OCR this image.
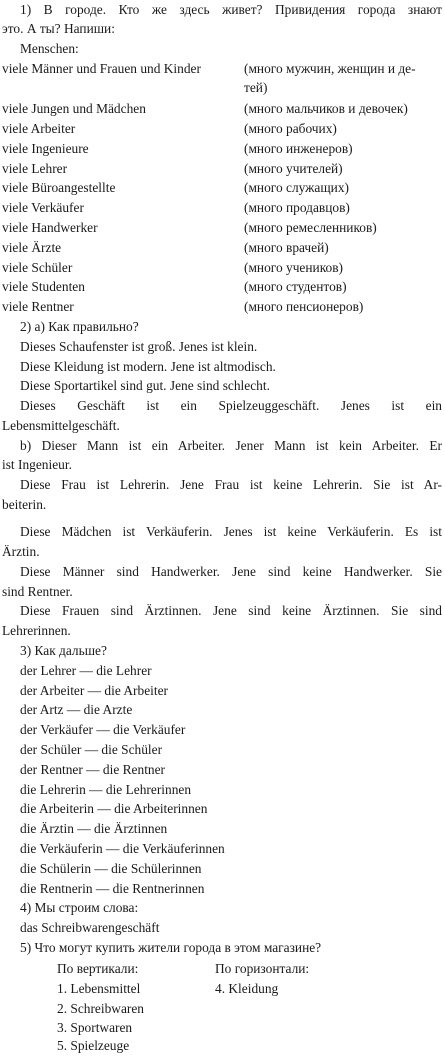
1) В городе. Кто же здесь живет? Привидения города знают
это. А ты? Напиши:
Menschen:
viele Männer und Frauen und Kinder	(много мужчин, женщин и де-
тей)
viele Jungen und Mädchen	(много мальчиков и девочек)
viele Arbeiter	(много рабочих)
viele Ingenieure	(много инженеров)
viele Lehrer	(много учителей)
viele Büroangestellte	(много служащих)
viele Verkäufer	(много продавцов)
viele Handwerker	(много ремесленников)
viele Ärzte	(много врачей)
viele Schüler	(много учеников)
viele Studenten	(много студентов)
viele Rentner	(много пенсионеров)
2) а) Как правильно?
Dieses Schaufenster ist groß. Jenes ist klein.
Diese Kleidung ist modern. Jene ist altmodisch.
Diese Sportartikel sind gut. Jene sind schlecht.
Dieses Geschäft ist ein Spielzeuggeschäft. Jenes ist ein
Lebensmittelgeschäft.
b) Dieser Mann ist ein Arbeiter. Jener Mann ist kein Arbeiter. Er
ist Ingenieur.
Diese Frau ist Lehrerin. Jene Frau ist keine Lehrerin. Sie ist Ar-
beiterin.
Diese Mädchen ist Verkäuferin. Jenes ist keine Verkäuferin. Es ist
Ärztin.
Diese Männer sind Handwerker. Jene sind keine Handwerker. Sie
sind Rentner.
Diese Frauen sind Ärztinnen. Jene sind keine Ärztinnen. Sie sind
Lehrerinnen.
3) Как дальше?
der Lehrer — die Lehrer
der Arbeiter — die Arbeiter
der Artz — die Arzte
der Verkäufer — die Verkäufer
der Schüler — die Schüler
der Rentner — die Rentner
die Lehrerin — die Lehrerinnen
die Arbeiterin — die Arbeiterinnen
die Ärztin — die Ärztinnen
die Verkäuferin — die Verkäuferinnen
die Schülerin — die Schülerinnen
die Rentnerin — die Rentnerinnen
4) Мы строим слова:
das Schreibwarengeschäft
5) Что могут купить жители города в этом магазине?
По вертикали:	По горизонтали:
1. Lebensmittel	4. Kleidung
2. Schreibwaren
3. Sportwaren
5. Spielzeuge
